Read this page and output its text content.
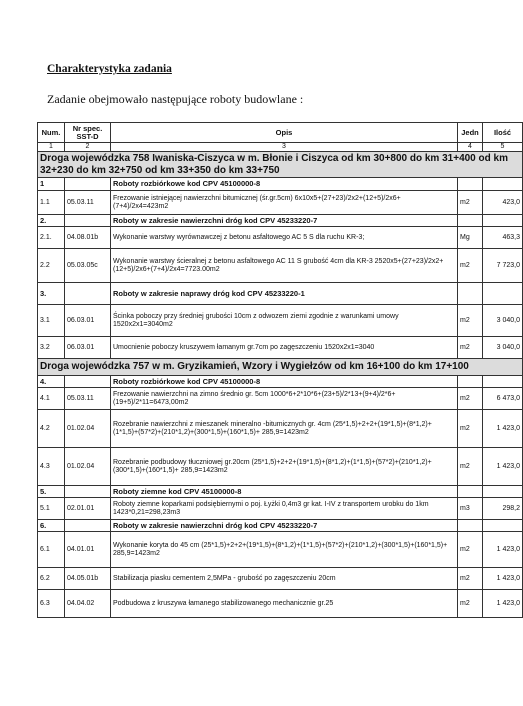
Charakterystyka zadania
Zadanie obejmowało następujące roboty budowlane :
Num.	Nr spec. SST-D	Opis	Jedn	Ilość
1	2	3	4	5
Droga wojewódzka 758 Iwaniska-Ciszyca w m. Błonie i Ciszyca od km 30+800 do km 31+400 od km 32+230 do km 32+750 od km 33+350 do km 33+750				
1		Roboty rozbiórkowe kod CPV 45100000-8		
1.1	05.03.11	Frezowanie istniejącej nawierzchni bitumicznej (śr.gr.5cm) 6x10x5+(27+23)/2x2+(12+5)/2x6+(7+4)/2x4=423m2	m2	423,0
2.		Roboty w zakresie nawierzchni dróg kod CPV 45233220-7		
2.1.	04.08.01b	Wykonanie warstwy wyrównawczej z betonu asfaltowego AC 5 S dla ruchu KR-3;	Mg	463,3
2.2	05.03.05c	Wykonanie warstwy ścieralnej z betonu asfaltowego AC 11 S grubość 4cm dla KR-3 2520x5+(27+23)/2x2+(12+5)/2x6+(7+4)/2x4=7723.00m2	m2	7 723,0
3.		Roboty w zakresie naprawy dróg kod CPV 45233220-1		
3.1	06.03.01	Ścinka poboczy przy średniej grubości 10cm z odwozem ziemi zgodnie z warunkami umowy 1520x2x1=3040m2	m2	3 040,0
3.2	06.03.01	Umocnienie poboczy kruszywem łamanym gr.7cm po zagęszczeniu 1520x2x1=3040	m2	3 040,0
Droga wojewódzka 757 w m. Gryzikamień, Wzory i Wygiełzów od km 16+100 do km 17+100				
4.		Roboty rozbiórkowe kod CPV 45100000-8		
4.1	05.03.11	Frezowanie nawierzchni na zimno średnio gr. 5cm 1000*6+2*10*6+(23+5)/2*13+(9+4)/2*6+(19+5)/2*11=6473,00m2	m2	6 473,0
4.2	01.02.04	Rozebranie nawierzchni z mieszanek mineralno -bitumicznych gr. 4cm (25*1,5)+2+2+(19*1,5)+(8*1,2)+(1*1,5)+(57*2)+(210*1,2)+(300*1,5)+(160*1,5)+ 285,9=1423m2	m2	1 423,0
4.3	01.02.04	Rozebranie podbudowy tłuczniowej gr.20cm (25*1,5)+2+2+(19*1,5)+(8*1,2)+(1*1,5)+(57*2)+(210*1,2)+(300*1,5)+(160*1,5)+ 285,9=1423m2	m2	1 423,0
5.		Roboty ziemne kod CPV 45100000-8		
5.1	02.01.01	Roboty ziemne koparkami podsiębiernymi o poj. Łyżki 0,4m3 gr kat. I-IV z transportem urobku do 1km 1423*0,21=298,23m3	m3	298,2
6.		Roboty w zakresie nawierzchni dróg kod CPV 45233220-7		
6.1	04.01.01	Wykonanie koryta do 45 cm (25*1,5)+2+2+(19*1,5)+(8*1,2)+(1*1,5)+(57*2)+(210*1,2)+(300*1,5)+(160*1,5)+ 285,9=1423m2	m2	1 423,0
6.2	04.05.01b	Stabilizacja piasku cementem 2,5MPa - grubość po zagęszczeniu 20cm	m2	1 423,0
6.3	04.04.02	Podbudowa z kruszywa łamanego stabilizowanego mechanicznie gr.25	m2	1 423,0
